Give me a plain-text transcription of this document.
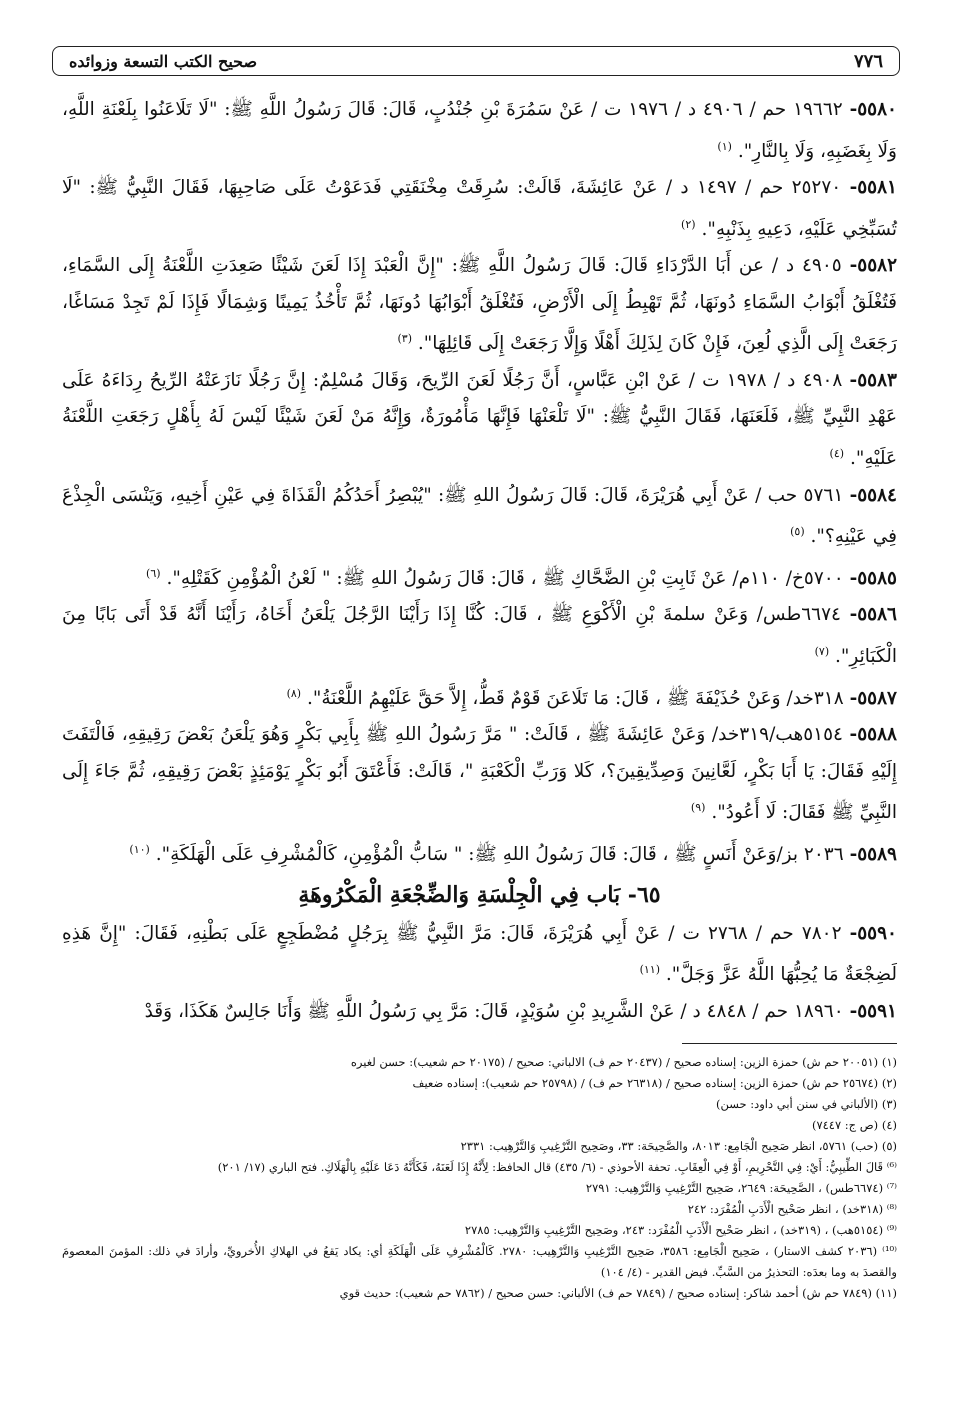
٧٧٦
صحيح الكتب التسعة وزوائده

٥٥٨٠- ١٩٦٦٢ حم / ٤٩٠٦ د / ١٩٧٦ ت / عَنْ سَمُرَةَ بْنِ جُنْدُبٍ، قَالَ: قَالَ رَسُولُ اللَّهِ ﷺ: "لَا تَلَاعَنُوا بِلَعْنَةِ اللَّهِ، وَلَا بِغَضَبِهِ، وَلَا بِالنَّارِ". $^{(١)}$

٥٥٨١- ٢٥٢٧٠ حم / ١٤٩٧ د / عَنْ عَائِشَةَ، قَالَتْ: سُرِقَتْ مِخْنَقَتِي فَدَعَوْتُ عَلَى صَاحِبِهَا، فَقَالَ النَّبِيُّ ﷺ: "لَا تُسَبِّخِي عَلَيْهِ، دَعِيهِ بِذَنْبِهِ". $^{(٢)}$

٥٥٨٢- ٤٩٠٥ د / عن أَبَا الدَّرْدَاءِ قَالَ: قَالَ رَسُولُ اللَّهِ ﷺ: "إِنَّ الْعَبْدَ إِذَا لَعَنَ شَيْئًا صَعِدَتِ اللَّعْنَةُ إِلَى السَّمَاءِ، فَتُغْلَقُ أَبْوَابُ السَّمَاءِ دُونَهَا، ثُمَّ تَهْبِطُ إِلَى الْأَرْضِ، فَتُغْلَقُ أَبْوَابُهَا دُونَهَا، ثُمَّ تَأْخُذُ يَمِينًا وَشِمَالًا فَإِذَا لَمْ تَجِدْ مَسَاغًا، رَجَعَتْ إِلَى الَّذِي لُعِنَ، فَإِنْ كَانَ لِذَلِكَ أَهْلًا وَإِلَّا رَجَعَتْ إِلَى قَائِلِهَا". $^{(٣)}$

٥٥٨٣- ٤٩٠٨ د / ١٩٧٨ ت / عَنْ ابْنِ عَبَّاسٍ، أَنَّ رَجُلًا لَعَنَ الرِّيحَ، وَقَالَ مُسْلِمٌ: إِنَّ رَجُلًا نَازَعَتْهُ الرِّيحُ رِدَاءَهُ عَلَى عَهْدِ النَّبِيِّ ﷺ، فَلَعَنَهَا، فَقَالَ النَّبِيُّ ﷺ: "لَا تَلْعَنْهَا فَإِنَّهَا مَأْمُورَةٌ، وَإِنَّهُ مَنْ لَعَنَ شَيْئًا لَيْسَ لَهُ بِأَهْلٍ رَجَعَتِ اللَّعْنَةُ عَلَيْهِ". $^{(٤)}$

٥٥٨٤- ٥٧٦١ حب / عَنْ أَبِي هُرَيْرَةَ، قَالَ: قَالَ رَسُولُ اللهِ ﷺ: "يُبْصِرُ أَحَدُكُمُ الْقَذَاةَ فِي عَيْنِ أَخِيهِ، وَيَنْسَى الْجِذْعَ فِي عَيْنِهِ؟". $^{(٥)}$

٥٥٨٥- ٥٧٠٠خ/ ١١٠م/ عَنْ ثَابِتِ بْنِ الضَّحَّاكِ ﷺ ، قَالَ: قَالَ رَسُولُ اللهِ ﷺ: " لَعْنُ الْمُؤْمِنِ كَقَتْلِهِ". $^{(٦)}$

٥٥٨٦- ٦٦٧٤طس/ وَعَنْ سلمةَ بْنِ الْأَكْوَعِ ﷺ ، قَالَ: كُنَّا إِذَا رَأَيْنَا الرَّجُلَ يَلْعَنُ أَخَاهُ، رَأَيْنَا أَنَّهُ قَدْ أَتَى بَابًا مِنَ الْكَبَائِرِ". $^{(٧)}$

٥٥٨٧- ٣١٨خد/ وَعَنْ حُذَيْفَةَ ﷺ ، قَالَ: مَا تَلَاعَنَ قَوْمٌ قَطُّ، إِلاَّ حَقَّ عَلَيْهِمُ اللَّعْنَةُ". $^{(٨)}$

٥٥٨٨- ٥١٥٤هب/٣١٩خد/ وَعَنْ عَائِشَةَ ﷺ ، قَالَتْ: " مَرَّ رَسُولُ اللهِ ﷺ بِأَبِي بَكْرٍ وَهُوَ يَلْعَنُ بَعْضَ رَقِيقِهِ، فَالْتَفَتَ إِلَيْهِ فَقَالَ: يَا أَبَا بَكْرٍ، لَعَّانِينَ وَصِدِّيقِينَ؟، كَلا وَرَبِّ الْكَعْبَةِ "، قَالَتْ: فَأَعْتَقَ أَبُو بَكْرٍ يَوْمَئِذٍ بَعْضَ رَقِيقِهِ، ثُمَّ جَاءَ إِلَى النَّبِيِّ ﷺ فَقَالَ: لَا أَعُودُ". $^{(٩)}$

٥٥٨٩- ٢٠٣٦ بز/وَعَنْ أَنَسٍ ﷺ ، قَالَ: قَالَ رَسُولُ اللهِ ﷺ: " سَابُّ الْمُؤْمِنِ، كَالْمُشْرِفِ عَلَى الْهَلَكَةِ". $^{(١٠)}$

٦٥- بَاب فِي الْجِلْسَةِ وَالضِّجْعَةِ الْمَكْرُوهَةِ

٥٥٩٠- ٧٨٠٢ حم / ٢٧٦٨ ت / عَنْ أَبِي هُرَيْرَةَ، قَالَ: مَرَّ النَّبِيُّ ﷺ بِرَجُلٍ مُضْطَجِعٍ عَلَى بَطْنِهِ، فَقَالَ: "إِنَّ هَذِهِ لَضِجْعَةٌ مَا يُحِبُّهَا اللَّهُ عَزَّ وَجَلَّ". $^{(١١)}$

٥٥٩١- ١٨٩٦٠ حم / ٤٨٤٨ د / عَنْ الشَّرِيدِ بْنِ سُوَيْدٍ، قَالَ: مَرَّ بِي رَسُولُ اللَّهِ ﷺ وَأَنَا جَالِسٌ هَكَذَا، وَقَدْ

(١) (٢٠٠٥١ حم ش) حمزة الزين: إسناده صحيح / (٢٠٤٣٧ حم ف) الالباني: صحيح / (٢٠١٧٥ حم شعيب): حسن لغيره

(٢) (٢٥٦٧٤ حم ش) حمزة الزين: إسناده صحيح / (٢٦٣١٨ حم ف) / (٢٥٧٩٨ حم شعيب): إسناده ضعيف

(٣) (الألباني في سنن أبي داود: حسن)

(٤) (ص ج: ٧٤٤٧)

(٥) (حب) ٥٧٦١، انظر صَحِيح الْجَامِع: ٨٠١٣، والصَّحِيحَة: ٣٣، وصَحِيح التَّرْغِيبِ وَالتَّرْهِيب: ٢٣٣١

⁽⁶⁾ قَالَ الطِّيبِيُّ: أَيْ: فِي التَّحْرِيمِ، أَوْ فِي الْعِقَابِ. تحفة الأحوذي - (٦/ ٤٣٥) قال الحافظ: لِأَنَّهُ إِذَا لَعَنَهُ، فَكَأَنَّهُ دَعَا عَلَيْهِ بِالْهَلَاكِ. فتح الباري (١٧/ ٢٠١)

⁽⁷⁾ (٦٦٧٤طس) ، الصَّحِيحَة: ٢٦٤٩، صَحِيح التَّرْغِيبِ وَالتَّرْهِيب: ٢٧٩١

⁽⁸⁾ (٣١٨خد) ، انظر صَحْيح الْأَدَبِ الْمُفْرَد: ٢٤٢

⁽⁹⁾ (٥١٥٤هب) ، (٣١٩خد) ، انظر صَحْيح الْأَدَبِ الْمُفْرَد: ٢٤٣، وصَحِيح التَّرْغِيبِ وَالتَّرْهِيب: ٢٧٨٥

⁽¹⁰⁾ (٢٠٣٦ كشف الاستار) ، صَحِيح الْجَامِع: ٣٥٨٦، صَحِيح التَّرْغِيبِ وَالتَّرْهِيب: ٢٧٨٠. كَالْمُشْرِفِ عَلَى الْهَلَكَةِ أي: يكاد يَقعُ في الهلاكِ الأُخرويِّ، وأرادَ في ذلك: المؤمنَ المعصومَ والقصدَ به وما بعدَه: التحذيرُ من السَّبِّ. فيض القدير - (٤/ ١٠٤)

(١١) (٧٨٤٩ حم ش) أحمد شاكر: إسناده صحيح / (٧٨٤٩ حم ف) الألباني: حسن صحيح / (٧٨٦٢ حم شعيب): حديث قوي
